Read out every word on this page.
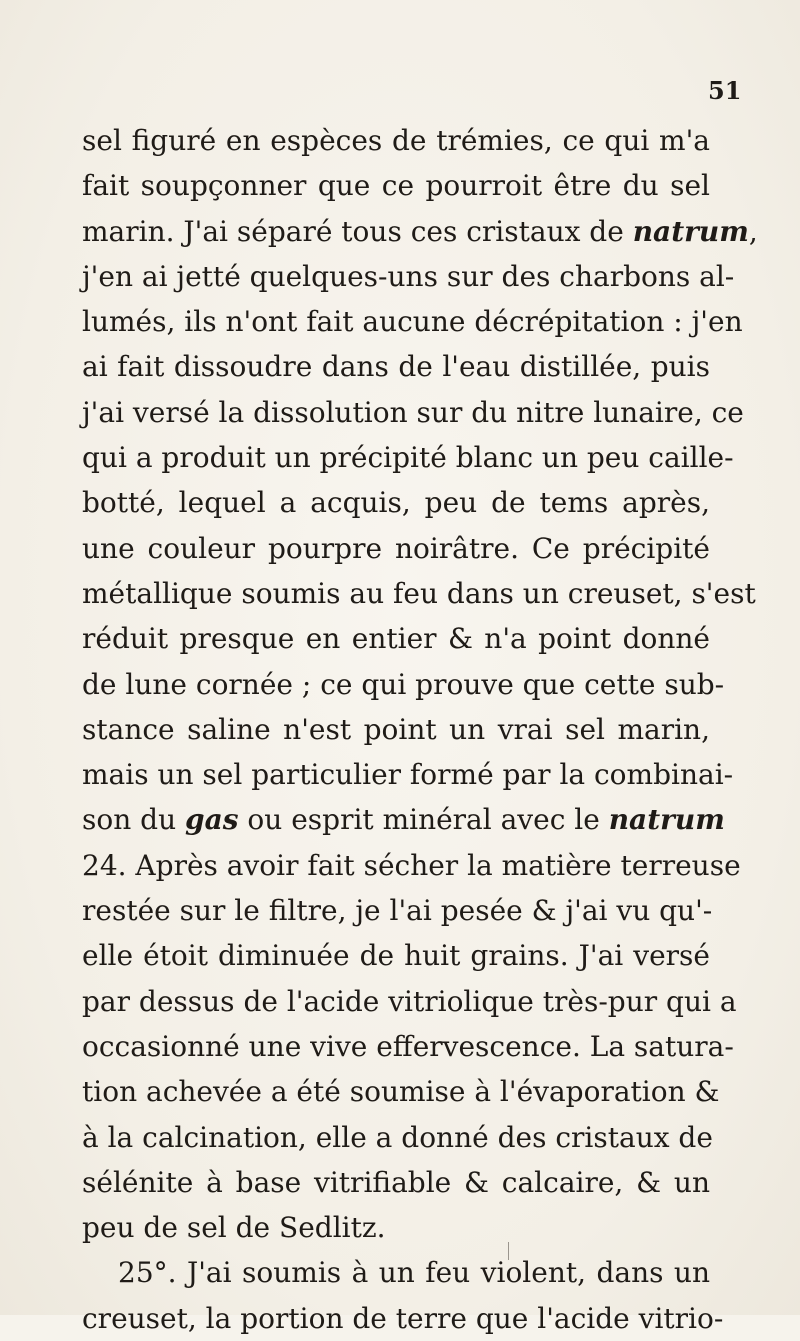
51
sel figuré en espèces de trémies, ce qui m'a
fait soupçonner que ce pourroit être du sel
marin. J'ai séparé tous ces cristaux de natrum,
j'en ai jetté quelques-uns sur des charbons al-
lumés, ils n'ont fait aucune décrépitation : j'en
ai fait dissoudre dans de l'eau distillée, puis
j'ai versé la dissolution sur du nitre lunaire, ce
qui a produit un précipité blanc un peu caille-
botté, lequel a acquis, peu de tems après,
une couleur pourpre noirâtre. Ce précipité
métallique soumis au feu dans un creuset, s'est
réduit presque en entier & n'a point donné
de lune cornée ; ce qui prouve que cette sub-
stance saline n'est point un vrai sel marin,
mais un sel particulier formé par la combinai-
son du gas ou esprit minéral avec le natrum
24. Après avoir fait sécher la matière terreuse
restée sur le filtre, je l'ai pesée & j'ai vu qu'-
elle étoit diminuée de huit grains. J'ai versé
par dessus de l'acide vitriolique très-pur qui a
occasionné une vive effervescence. La satura-
tion achevée a été soumise à l'évaporation &
à la calcination, elle a donné des cristaux de
sélénite à base vitrifiable & calcaire, & un
peu de sel de Sedlitz.
25°. J'ai soumis à un feu violent, dans un
creuset, la portion de terre que l'acide vitrio-
